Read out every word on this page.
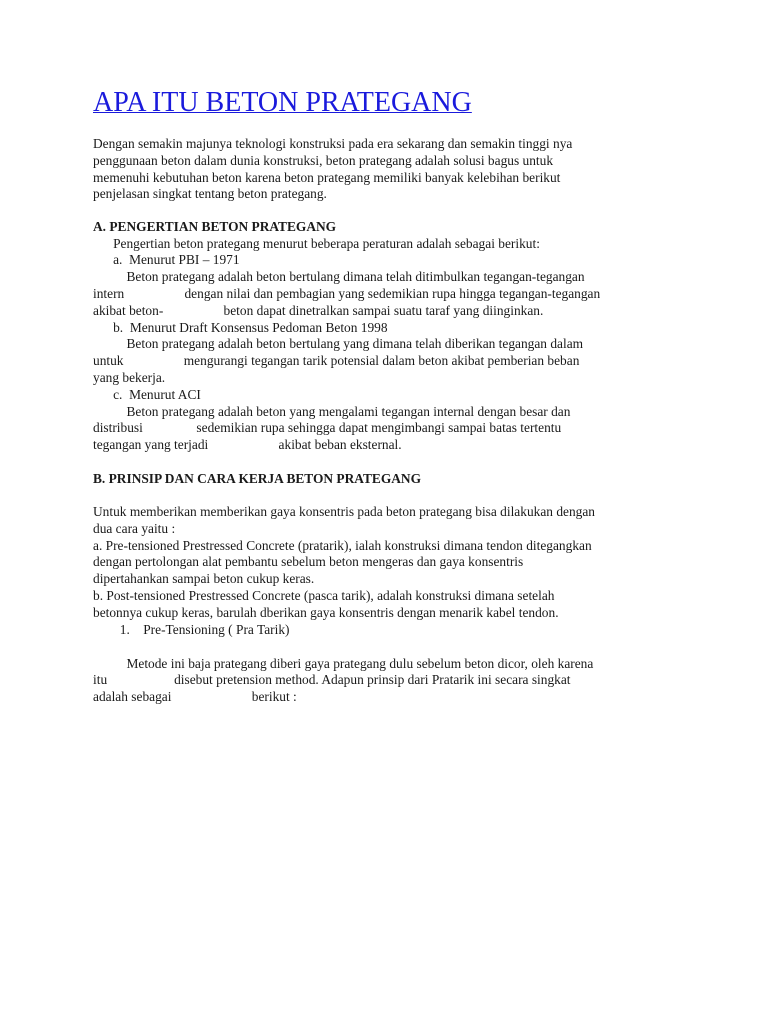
APA ITU BETON PRATEGANG
Dengan semakin majunya teknologi konstruksi pada era sekarang dan semakin tinggi nya
penggunaan beton dalam dunia konstruksi, beton prategang adalah solusi bagus untuk
memenuhi kebutuhan beton karena beton prategang memiliki banyak kelebihan berikut
penjelasan singkat tentang beton prategang.
A. PENGERTIAN BETON PRATEGANG
Pengertian beton prategang menurut beberapa peraturan adalah sebagai berikut:
a.  Menurut PBI – 1971
Beton prategang adalah beton bertulang dimana telah ditimbulkan tegangan-tegangan
intern                  dengan nilai dan pembagian yang sedemikian rupa hingga tegangan-tegangan
akibat beton-                  beton dapat dinetralkan sampai suatu taraf yang diinginkan.
b.  Menurut Draft Konsensus Pedoman Beton 1998
Beton prategang adalah beton bertulang yang dimana telah diberikan tegangan dalam
untuk                  mengurangi tegangan tarik potensial dalam beton akibat pemberian beban
yang bekerja.
c.  Menurut ACI
Beton prategang adalah beton yang mengalami tegangan internal dengan besar dan
distribusi                sedemikian rupa sehingga dapat mengimbangi sampai batas tertentu
tegangan yang terjadi                     akibat beban eksternal.
B. PRINSIP DAN CARA KERJA BETON PRATEGANG
Untuk memberikan memberikan gaya konsentris pada beton prategang bisa dilakukan dengan
dua cara yaitu :
a. Pre-tensioned Prestressed Concrete (pratarik), ialah konstruksi dimana tendon ditegangkan
dengan pertolongan alat pembantu sebelum beton mengeras dan gaya konsentris
dipertahankan sampai beton cukup keras.
b. Post-tensioned Prestressed Concrete (pasca tarik), adalah konstruksi dimana setelah
betonnya cukup keras, barulah dberikan gaya konsentris dengan menarik kabel tendon.
1.    Pre-Tensioning ( Pra Tarik)
Metode ini baja prategang diberi gaya prategang dulu sebelum beton dicor, oleh karena
itu                    disebut pretension method. Adapun prinsip dari Pratarik ini secara singkat
adalah sebagai                        berikut :
